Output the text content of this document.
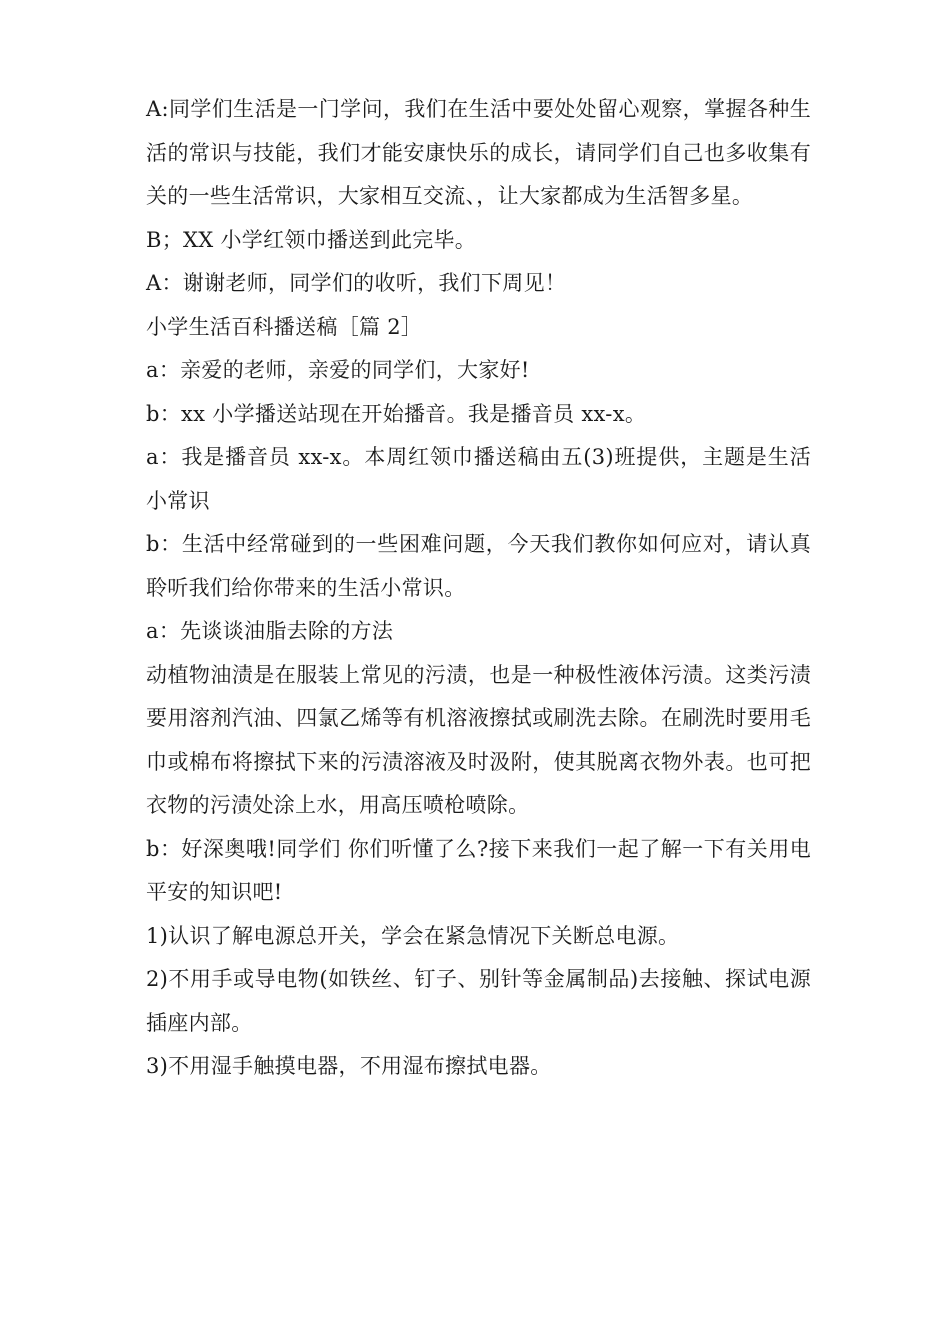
A:同学们生活是一门学问，我们在生活中要处处留心观察，掌握各种生活的常识与技能，我们才能安康快乐的成长，请同学们自己也多收集有关的一些生活常识，大家相互交流、，让大家都成为生活智多星。

B；XX 小学红领巾播送到此完毕。

A：谢谢老师，同学们的收听，我们下周见！

小学生活百科播送稿［篇 2］

a：亲爱的老师，亲爱的同学们，大家好!

b：xx 小学播送站现在开始播音。我是播音员 xx-x。

a：我是播音员 xx-x。本周红领巾播送稿由五(3)班提供，主题是生活小常识

b：生活中经常碰到的一些困难问题，今天我们教你如何应对，请认真聆听我们给你带来的生活小常识。

a：先谈谈油脂去除的方法

动植物油渍是在服装上常见的污渍，也是一种极性液体污渍。这类污渍要用溶剂汽油、四氯乙烯等有机溶液擦拭或刷洗去除。在刷洗时要用毛巾或棉布将擦拭下来的污渍溶液及时汲附，使其脱离衣物外表。也可把衣物的污渍处涂上水，用高压喷枪喷除。

b：好深奥哦!同学们 你们听懂了么?接下来我们一起了解一下有关用电平安的知识吧!

1)认识了解电源总开关，学会在紧急情况下关断总电源。

2)不用手或导电物(如铁丝、钉子、别针等金属制品)去接触、探试电源插座内部。

3)不用湿手触摸电器，不用湿布擦拭电器。
